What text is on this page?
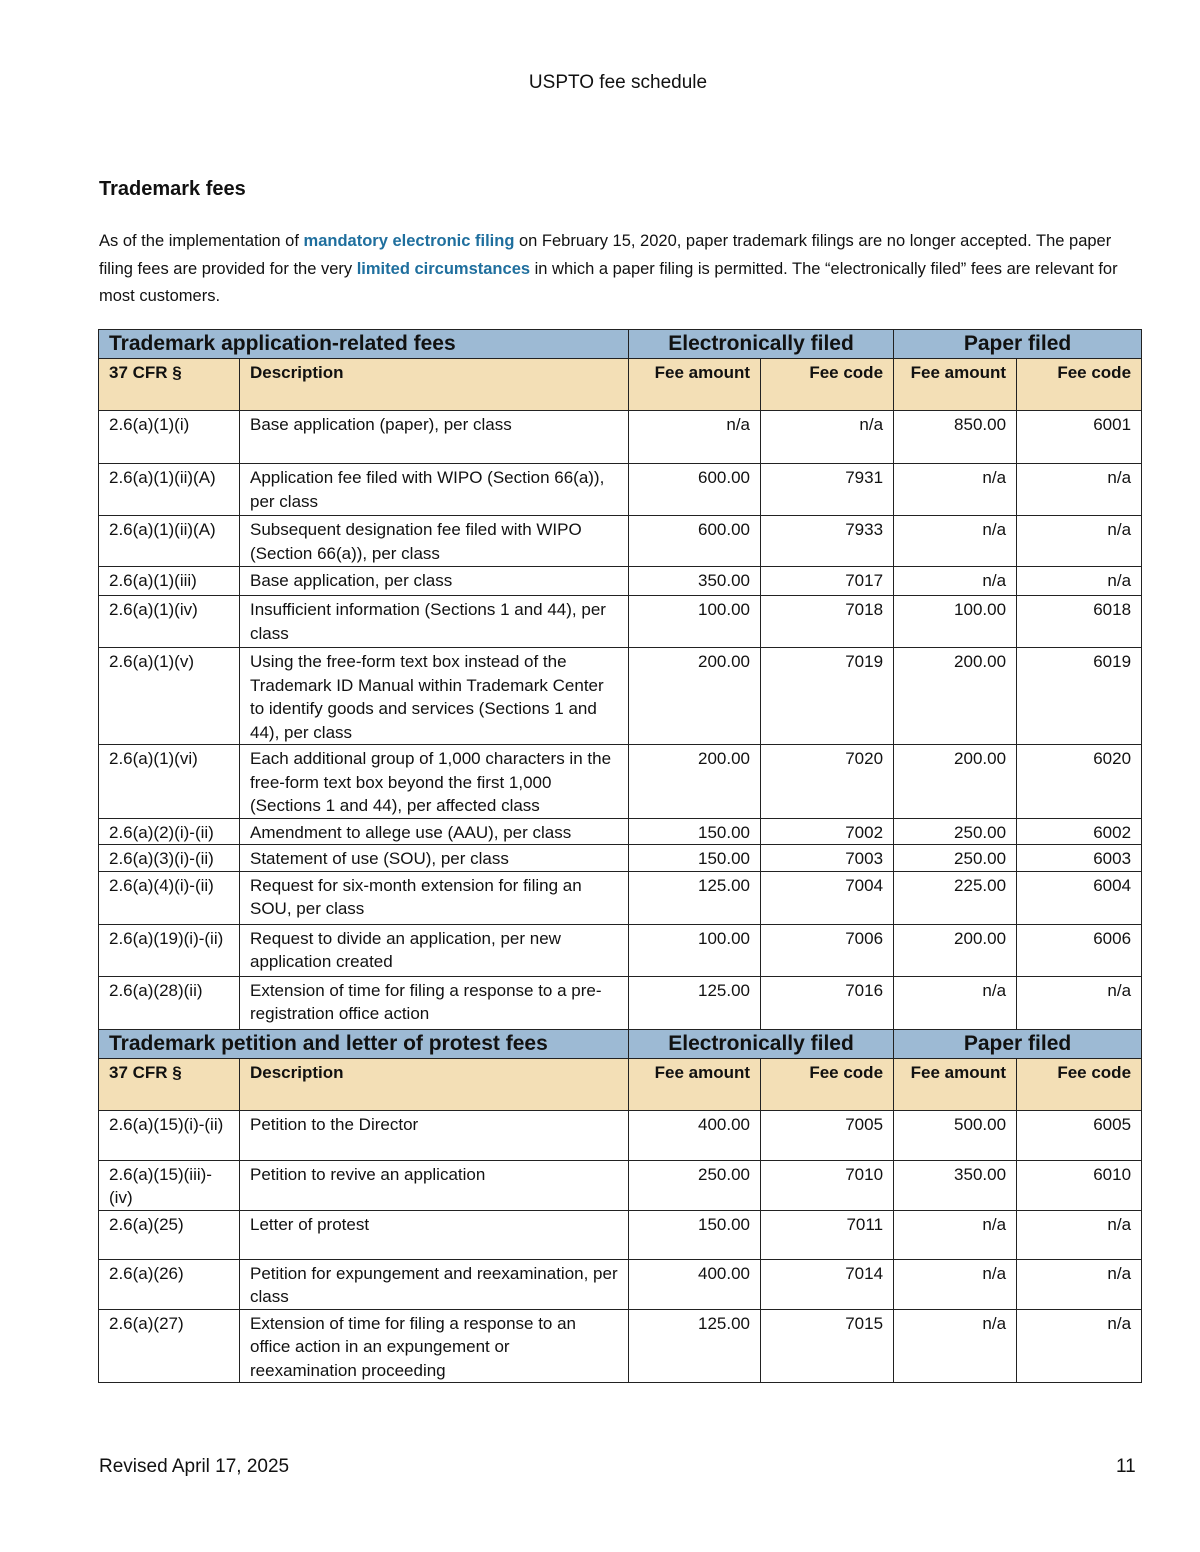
USPTO fee schedule
Trademark fees

As of the implementation of mandatory electronic filing on February 15, 2020, paper trademark filings are no longer accepted. The paper filing fees are provided for the very limited circumstances in which a paper filing is permitted. The “electronically filed” fees are relevant for most customers.

Trademark application-related fees		Electronically filed		Paper filed	
37 CFR §	Description	Fee amount	Fee code	Fee amount	Fee code
2.6(a)(1)(i)	Base application (paper), per class	n/a	n/a	850.00	6001
2.6(a)(1)(ii)(A)	Application fee filed with WIPO (Section 66(a)), per class	600.00	7931	n/a	n/a
2.6(a)(1)(ii)(A)	Subsequent designation fee filed with WIPO (Section 66(a)), per class	600.00	7933	n/a	n/a
2.6(a)(1)(iii)	Base application, per class	350.00	7017	n/a	n/a
2.6(a)(1)(iv)	Insufficient information (Sections 1 and 44), per class	100.00	7018	100.00	6018
2.6(a)(1)(v)	Using the free-form text box instead of the Trademark ID Manual within Trademark Center to identify goods and services (Sections 1 and 44), per class	200.00	7019	200.00	6019
2.6(a)(1)(vi)	Each additional group of 1,000 characters in the free-form text box beyond the first 1,000 (Sections 1 and 44), per affected class	200.00	7020	200.00	6020
2.6(a)(2)(i)-(ii)	Amendment to allege use (AAU), per class	150.00	7002	250.00	6002
2.6(a)(3)(i)-(ii)	Statement of use (SOU), per class	150.00	7003	250.00	6003
2.6(a)(4)(i)-(ii)	Request for six-month extension for filing an SOU, per class	125.00	7004	225.00	6004
2.6(a)(19)(i)-(ii)	Request to divide an application, per new application created	100.00	7006	200.00	6006
2.6(a)(28)(ii)	Extension of time for filing a response to a pre-registration office action	125.00	7016	n/a	n/a
Trademark petition and letter of protest fees		Electronically filed		Paper filed	
37 CFR §	Description	Fee amount	Fee code	Fee amount	Fee code
2.6(a)(15)(i)-(ii)	Petition to the Director	400.00	7005	500.00	6005
2.6(a)(15)(iii)-(iv)	Petition to revive an application	250.00	7010	350.00	6010
2.6(a)(25)	Letter of protest	150.00	7011	n/a	n/a
2.6(a)(26)	Petition for expungement and reexamination, per class	400.00	7014	n/a	n/a
2.6(a)(27)	Extension of time for filing a response to an office action in an expungement or reexamination proceeding	125.00	7015	n/a	n/a
Revised April 17, 2025	11
